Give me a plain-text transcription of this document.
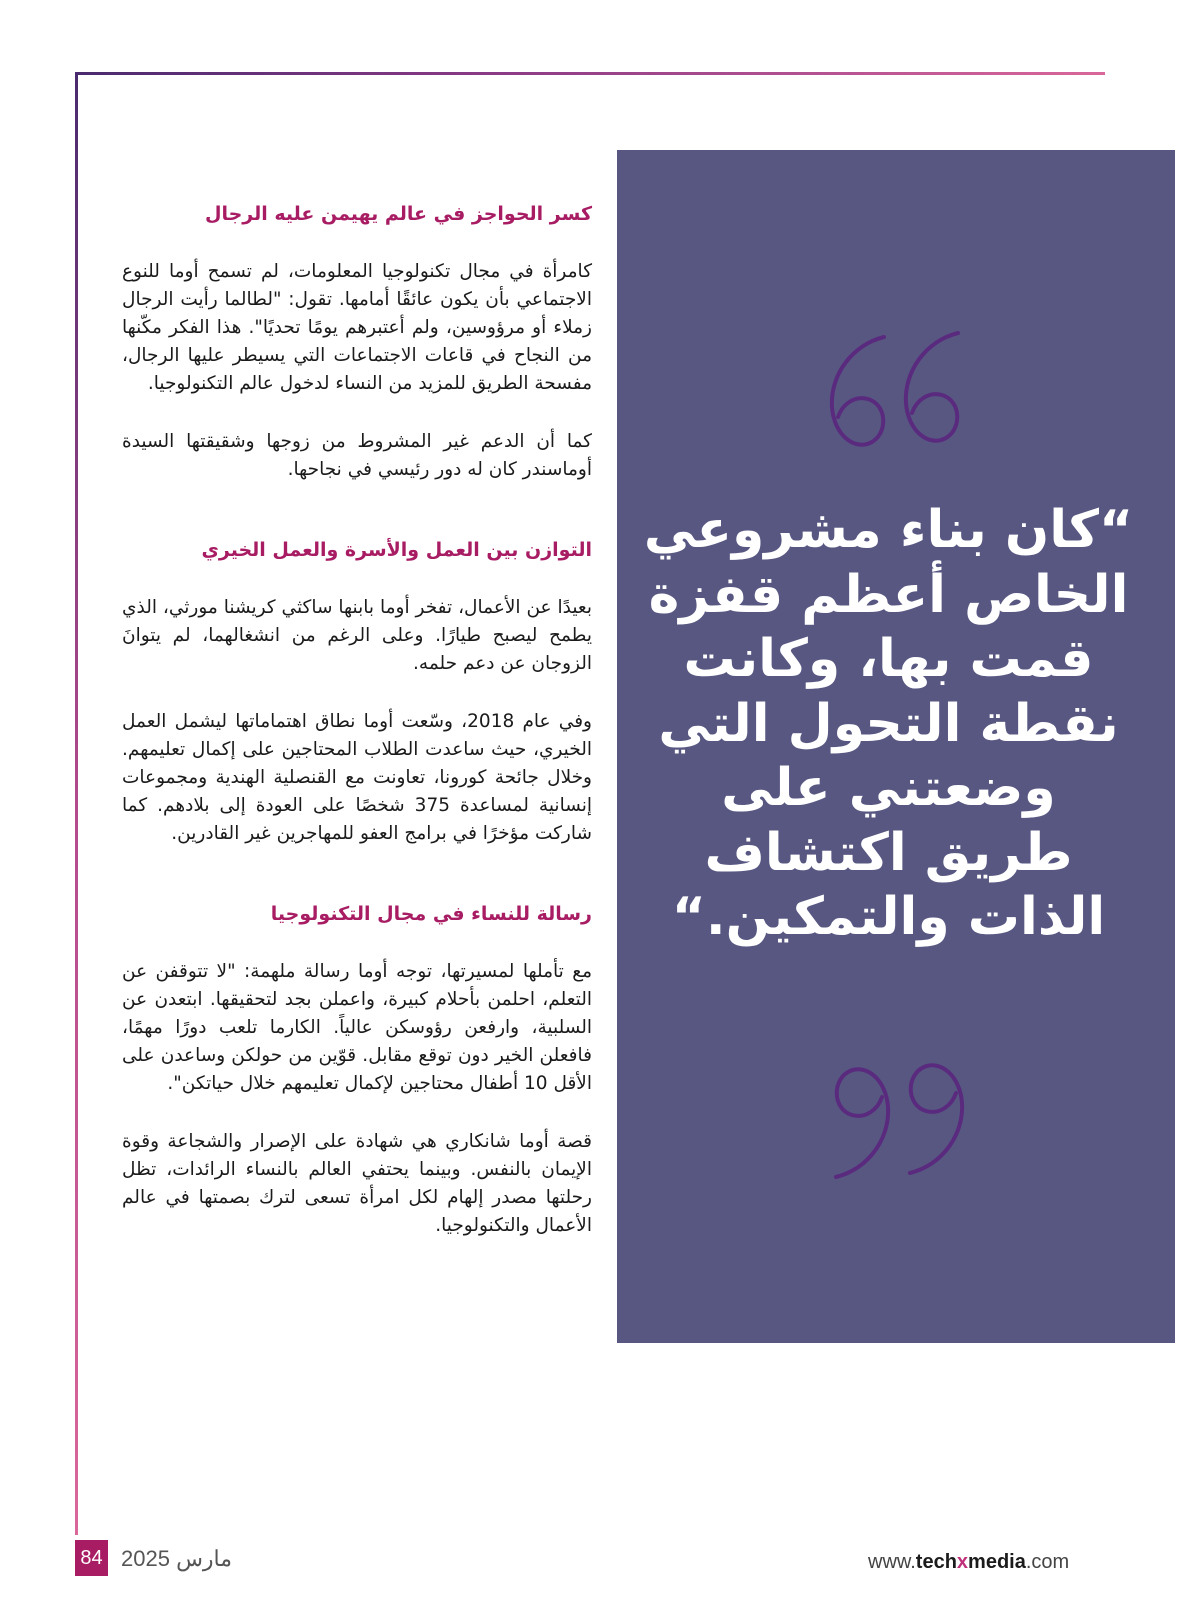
كسر الحواجز في عالم يهيمن عليه الرجال

كامرأة في مجال تكنولوجيا المعلومات، لم تسمح أوما للنوع الاجتماعي بأن يكون عائقًا أمامها. تقول: "لطالما رأيت الرجال زملاء أو مرؤوسين، ولم أعتبرهم يومًا تحديًا". هذا الفكر مكّنها من النجاح في قاعات الاجتماعات التي يسيطر عليها الرجال، مفسحة الطريق للمزيد من النساء لدخول عالم التكنولوجيا.

كما أن الدعم غير المشروط من زوجها وشقيقتها السيدة أوماسندر كان له دور رئيسي في نجاحها.

التوازن بين العمل والأسرة والعمل الخيري

بعيدًا عن الأعمال، تفخر أوما بابنها ساكثي كريشنا مورثي، الذي يطمح ليصبح طيارًا. وعلى الرغم من انشغالهما، لم يتوانَ الزوجان عن دعم حلمه.

وفي عام 2018، وسّعت أوما نطاق اهتماماتها ليشمل العمل الخيري، حيث ساعدت الطلاب المحتاجين على إكمال تعليمهم. وخلال جائحة كورونا، تعاونت مع القنصلية الهندية ومجموعات إنسانية لمساعدة 375 شخصًا على العودة إلى بلادهم. كما شاركت مؤخرًا في برامج العفو للمهاجرين غير القادرين.

رسالة للنساء في مجال التكنولوجيا

مع تأملها لمسيرتها، توجه أوما رسالة ملهمة: "لا تتوقفن عن التعلم، احلمن بأحلام كبيرة، واعملن بجد لتحقيقها. ابتعدن عن السلبية، وارفعن رؤوسكن عالياً. الكارما تلعب دورًا مهمًا، فافعلن الخير دون توقع مقابل. قوّين من حولكن وساعدن على الأقل 10 أطفال محتاجين لإكمال تعليمهم خلال حياتكن".

قصة أوما شانكاري هي شهادة على الإصرار والشجاعة وقوة الإيمان بالنفس. وبينما يحتفي العالم بالنساء الرائدات، تظل رحلتها مصدر إلهام لكل امرأة تسعى لترك بصمتها في عالم الأعمال والتكنولوجيا.

“كان بناء مشروعي الخاص أعظم قفزة قمت بها، وكانت نقطة التحول التي وضعتني على طريق اكتشاف الذات والتمكين.“
84 مارس 2025	www.techxmedia.com
